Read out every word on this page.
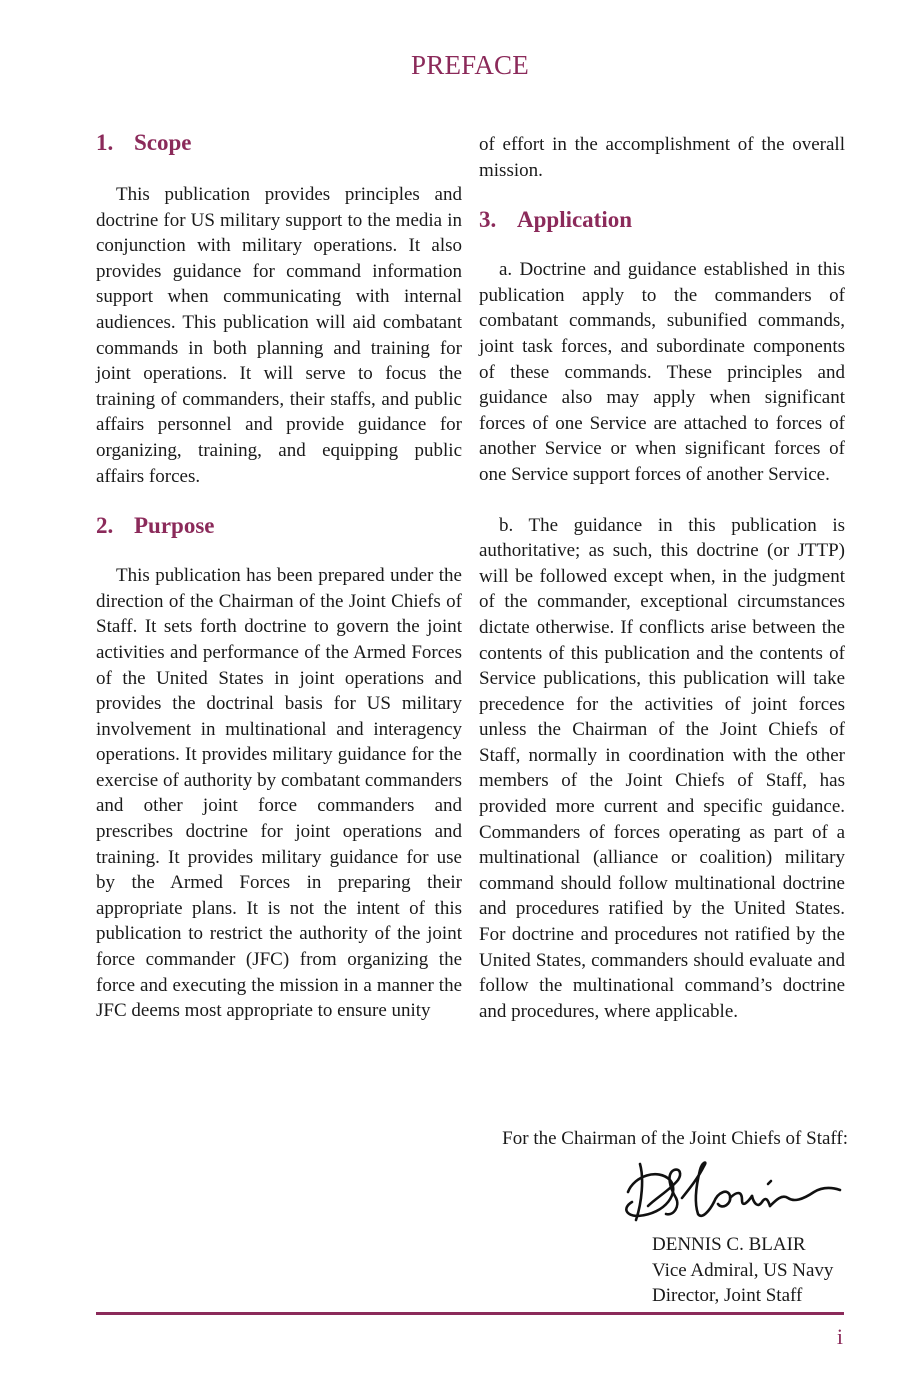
PREFACE
1. Scope

This publication provides principles and doctrine for US military support to the media in conjunction with military operations. It also provides guidance for command information support when communicating with internal audiences. This publication will aid combatant commands in both planning and training for joint operations. It will serve to focus the training of commanders, their staffs, and public affairs personnel and provide guidance for organizing, training, and equipping public affairs forces.

2. Purpose

This publication has been prepared under the direction of the Chairman of the Joint Chiefs of Staff. It sets forth doctrine to govern the joint activities and performance of the Armed Forces of the United States in joint operations and provides the doctrinal basis for US military involvement in multinational and interagency operations. It provides military guidance for the exercise of authority by combatant commanders and other joint force commanders and prescribes doctrine for joint operations and training. It provides military guidance for use by the Armed Forces in preparing their appropriate plans. It is not the intent of this publication to restrict the authority of the joint force commander (JFC) from organizing the force and executing the mission in a manner the JFC deems most appropriate to ensure unity

of effort in the accomplishment of the overall mission.

3. Application

a. Doctrine and guidance established in this publication apply to the commanders of combatant commands, subunified commands, joint task forces, and subordinate components of these commands. These principles and guidance also may apply when significant forces of one Service are attached to forces of another Service or when significant forces of one Service support forces of another Service.

b. The guidance in this publication is authoritative; as such, this doctrine (or JTTP) will be followed except when, in the judgment of the commander, exceptional circumstances dictate otherwise. If conflicts arise between the contents of this publication and the contents of Service publications, this publication will take precedence for the activities of joint forces unless the Chairman of the Joint Chiefs of Staff, normally in coordination with the other members of the Joint Chiefs of Staff, has provided more current and specific guidance. Commanders of forces operating as part of a multinational (alliance or coalition) military command should follow multinational doctrine and procedures ratified by the United States. For doctrine and procedures not ratified by the United States, commanders should evaluate and follow the multinational command’s doctrine and procedures, where applicable.

For the Chairman of the Joint Chiefs of Staff:
DENNIS C. BLAIR
Vice Admiral, US Navy
Director, Joint Staff
i
